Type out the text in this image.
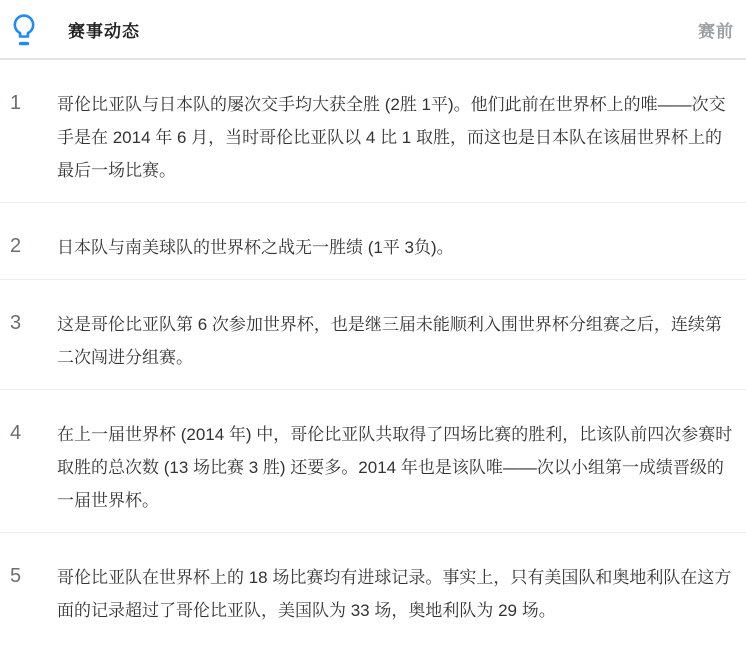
赛事动态	赛前
1	哥伦比亚队与日本队的屡次交手均大获全胜 (2胜 1平)。他们此前在世界杯上的唯——次交手是在 2014 年 6 月，当时哥伦比亚队以 4 比 1 取胜，而这也是日本队在该届世界杯上的最后一场比赛。
2	日本队与南美球队的世界杯之战无一胜绩 (1平 3负)。
3	这是哥伦比亚队第 6 次参加世界杯，也是继三届未能顺利入围世界杯分组赛之后，连续第二次闯进分组赛。
4	在上一届世界杯 (2014 年) 中，哥伦比亚队共取得了四场比赛的胜利，比该队前四次参赛时取胜的总次数 (13 场比赛 3 胜) 还要多。2014 年也是该队唯——次以小组第一成绩晋级的一届世界杯。
5	哥伦比亚队在世界杯上的 18 场比赛均有进球记录。事实上，只有美国队和奥地利队在这方面的记录超过了哥伦比亚队，美国队为 33 场，奥地利队为 29 场。
